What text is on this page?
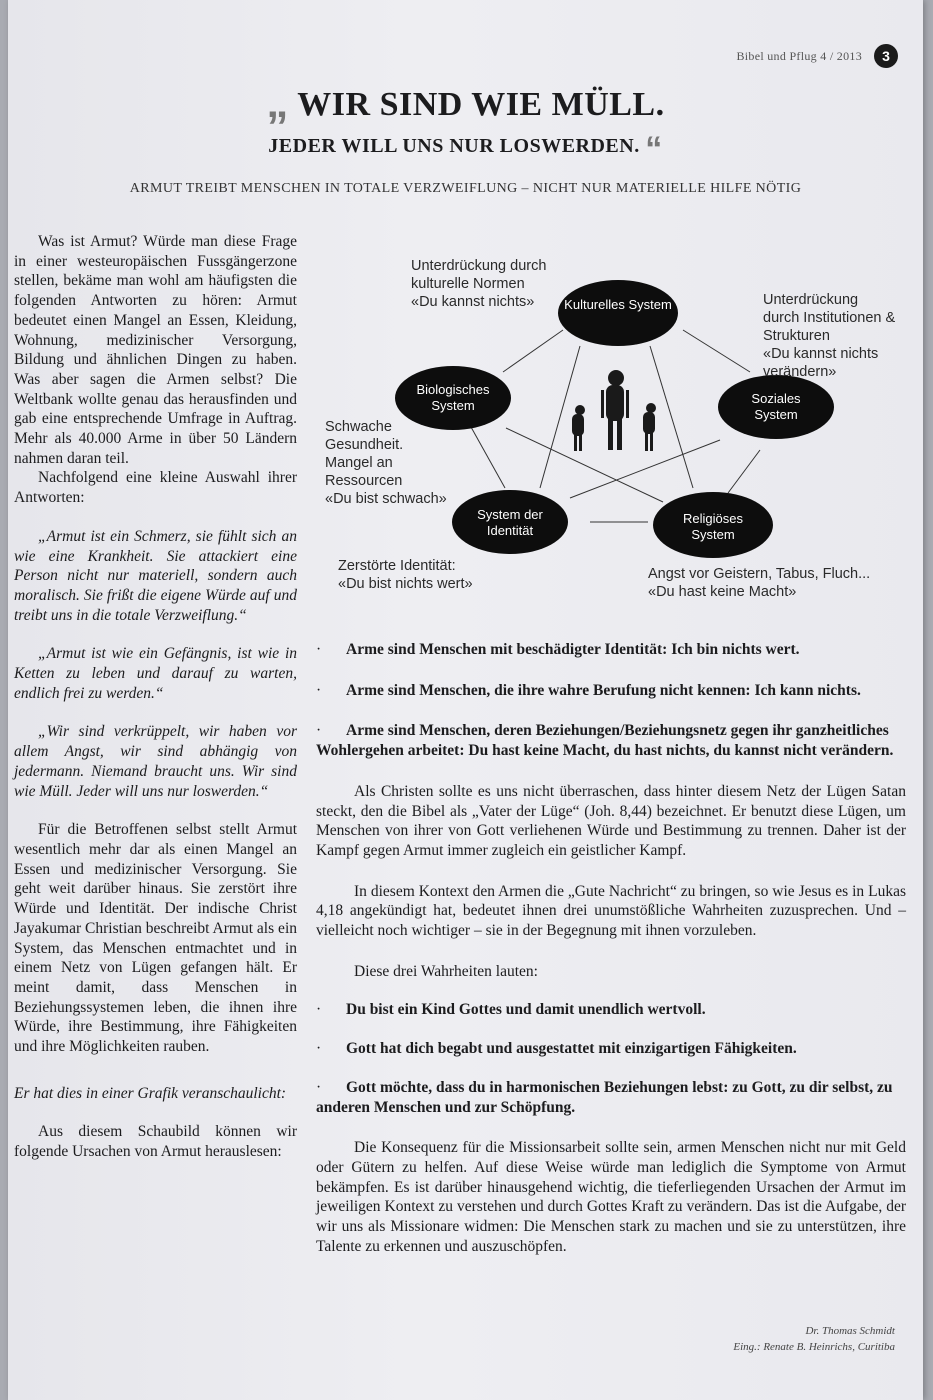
Bibel und Pflug 4 / 2013	3
„ WIR SIND WIE MÜLL.
JEDER WILL UNS NUR LOSWERDEN. “
ARMUT TREIBT MENSCHEN IN TOTALE VERZWEIFLUNG – NICHT NUR MATERIELLE HILFE NÖTIG

Was ist Armut? Würde man diese Frage in einer westeuropäischen Fussgängerzone stellen, bekäme man wohl am häufigsten die folgenden Antworten zu hören: Armut bedeutet einen Mangel an Essen, Kleidung, Wohnung, medizinischer Versorgung, Bildung und ähnlichen Dingen zu haben. Was aber sagen die Armen selbst? Die Weltbank wollte genau das herausfinden und gab eine entsprechende Umfrage in Auftrag. Mehr als 40.000 Arme in über 50 Ländern nahmen daran teil.

Nachfolgend eine kleine Auswahl ihrer Antworten:

„Armut ist ein Schmerz, sie fühlt sich an wie eine Krankheit. Sie attackiert eine Person nicht nur materiell, sondern auch moralisch. Sie frißt die eigene Würde auf und treibt uns in die totale Verzweiflung.“

„Armut ist wie ein Gefängnis, ist wie in Ketten zu leben und darauf zu warten, endlich frei zu werden.“

„Wir sind verkrüppelt, wir haben vor allem Angst, wir sind abhängig von jedermann. Niemand braucht uns. Wir sind wie Müll. Jeder will uns nur loswerden.“

Für die Betroffenen selbst stellt Armut wesentlich mehr dar als einen Mangel an Essen und medizinischer Versorgung. Sie geht weit darüber hinaus. Sie zerstört ihre Würde und Identität. Der indische Christ Jayakumar Christian beschreibt Armut als ein System, das Menschen entmachtet und in einem Netz von Lügen gefangen hält. Er meint damit, dass Menschen in Beziehungssystemen leben, die ihnen ihre Würde, ihre Bestimmung, ihre Fähigkeiten und ihre Möglichkeiten rauben.

Er hat dies in einer Grafik veranschaulicht:

Aus diesem Schaubild können wir folgende Ursachen von Armut herauslesen:

Kulturelles System
Biologisches System	Soziales System
System der Identität
Religiöses System
Unterdrückung durch
kulturelle Normen
«Du kannst nichts»	Unterdrückung
durch Institutionen &
Strukturen
«Du kannst nichts
verändern»
Schwache
Gesundheit.
Mangel an
Ressourcen
«Du bist schwach»
Zerstörte Identität:
«Du bist nichts wert»
Angst vor Geistern, Tabus, Fluch...
«Du hast keine Macht»

· Arme sind Menschen mit beschädigter Identität: Ich bin nichts wert.

· Arme sind Menschen, die ihre wahre Berufung nicht kennen: Ich kann nichts.

· Arme sind Menschen, deren Beziehungen/Beziehungsnetz gegen ihr ganzheitliches Wohlergehen arbeitet: Du hast keine Macht, du hast nichts, du kannst nicht verändern.

Als Christen sollte es uns nicht überraschen, dass hinter diesem Netz der Lügen Satan steckt, den die Bibel als „Vater der Lüge“ (Joh. 8,44) bezeichnet. Er benutzt diese Lügen, um Menschen von ihrer von Gott verliehenen Würde und Bestimmung zu trennen. Daher ist der Kampf gegen Armut immer zugleich ein geistlicher Kampf.

In diesem Kontext den Armen die „Gute Nachricht“ zu bringen, so wie Jesus es in Lukas 4,18 angekündigt hat, bedeutet ihnen drei unumstößliche Wahrheiten zuzusprechen. Und – vielleicht noch wichtiger – sie in der Begegnung mit ihnen vorzuleben.

Diese drei Wahrheiten lauten:

· Du bist ein Kind Gottes und damit unendlich wertvoll.

· Gott hat dich begabt und ausgestattet mit einzigartigen Fähigkeiten.

· Gott möchte, dass du in harmonischen Beziehungen lebst: zu Gott, zu dir selbst, zu anderen Menschen und zur Schöpfung.

Die Konsequenz für die Missionsarbeit sollte sein, armen Menschen nicht nur mit Geld oder Gütern zu helfen. Auf diese Weise würde man lediglich die Symptome von Armut bekämpfen. Es ist darüber hinausgehend wichtig, die tieferliegenden Ursachen der Armut im jeweiligen Kontext zu verstehen und durch Gottes Kraft zu verändern. Das ist die Aufgabe, der wir uns als Missionare widmen: Die Menschen stark zu machen und sie zu unterstützen, ihre Talente zu erkennen und auszuschöpfen.

Dr. Thomas Schmidt
Eing.: Renate B. Heinrichs, Curitiba
